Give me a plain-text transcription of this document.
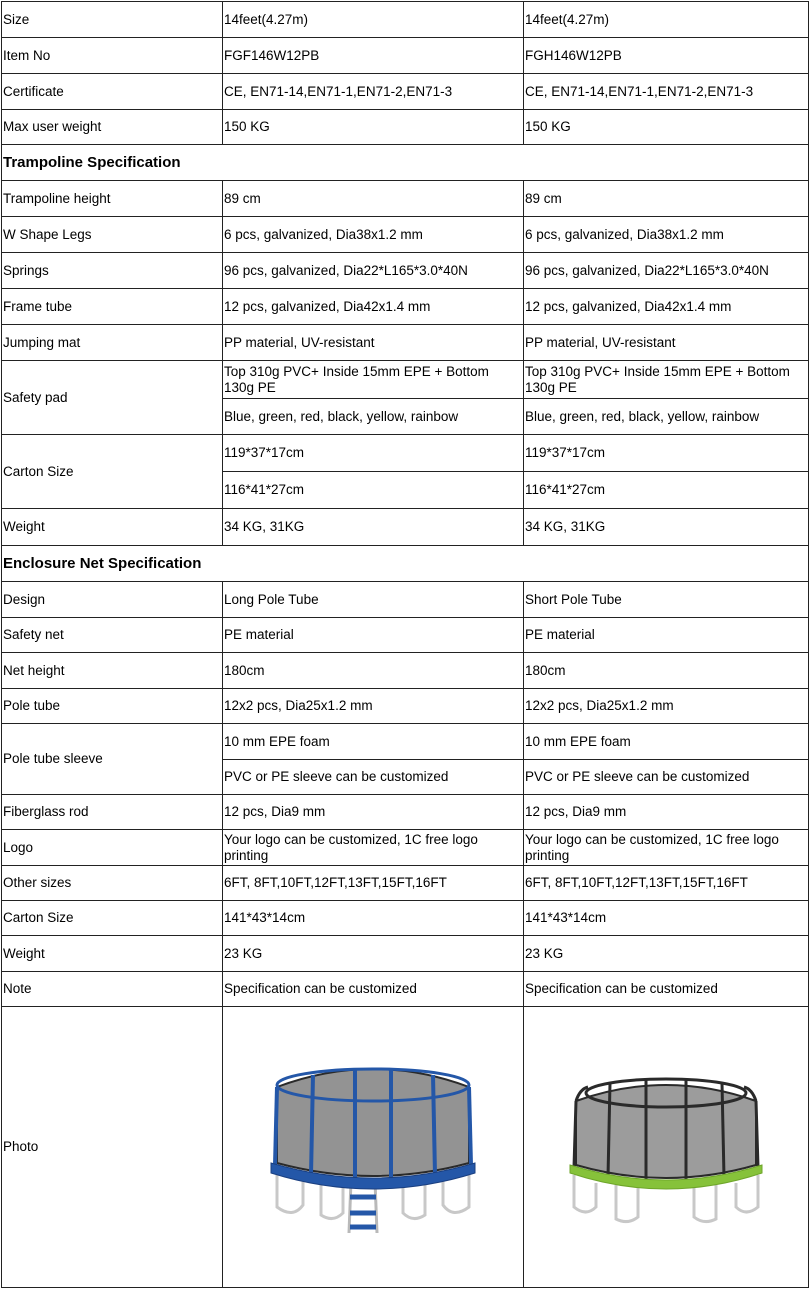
Size	14feet(4.27m)	14feet(4.27m)
Item No	FGF146W12PB	FGH146W12PB
Certificate	CE, EN71-14,EN71-1,EN71-2,EN71-3	CE, EN71-14,EN71-1,EN71-2,EN71-3
Max user weight	150 KG	150 KG
Trampoline Specification		
Trampoline height	89 cm	89 cm
W Shape Legs	6 pcs, galvanized, Dia38x1.2 mm	6 pcs, galvanized, Dia38x1.2 mm
Springs	96 pcs, galvanized, Dia22*L165*3.0*40N	96 pcs, galvanized, Dia22*L165*3.0*40N
Frame tube	12 pcs, galvanized, Dia42x1.4 mm	12 pcs, galvanized, Dia42x1.4 mm
Jumping mat	PP material, UV-resistant	PP material, UV-resistant
Safety pad	Top 310g PVC+ Inside 15mm EPE + Bottom 130g PE	Top 310g PVC+ Inside 15mm EPE + Bottom 130g PE
	Blue, green, red, black, yellow, rainbow	Blue, green, red, black, yellow, rainbow
Carton Size	119*37*17cm	119*37*17cm
	116*41*27cm	116*41*27cm
Weight	34 KG, 31KG	34 KG, 31KG
Enclosure Net Specification		
Design	Long Pole Tube	Short Pole Tube
Safety net	PE material	PE material
Net height	180cm	180cm
Pole tube	12x2 pcs, Dia25x1.2 mm	12x2 pcs, Dia25x1.2 mm
Pole tube sleeve	10 mm EPE foam	10 mm EPE foam
	PVC or PE sleeve can be customized	PVC or PE sleeve can be customized
Fiberglass rod	12 pcs, Dia9 mm	12 pcs, Dia9 mm
Logo	Your logo can be customized, 1C free logo printing	Your logo can be customized, 1C free logo printing
Other sizes	6FT, 8FT,10FT,12FT,13FT,15FT,16FT	6FT, 8FT,10FT,12FT,13FT,15FT,16FT
Carton Size	141*43*14cm	141*43*14cm
Weight	23 KG	23 KG
Note	Specification can be customized	Specification can be customized
Photo		
